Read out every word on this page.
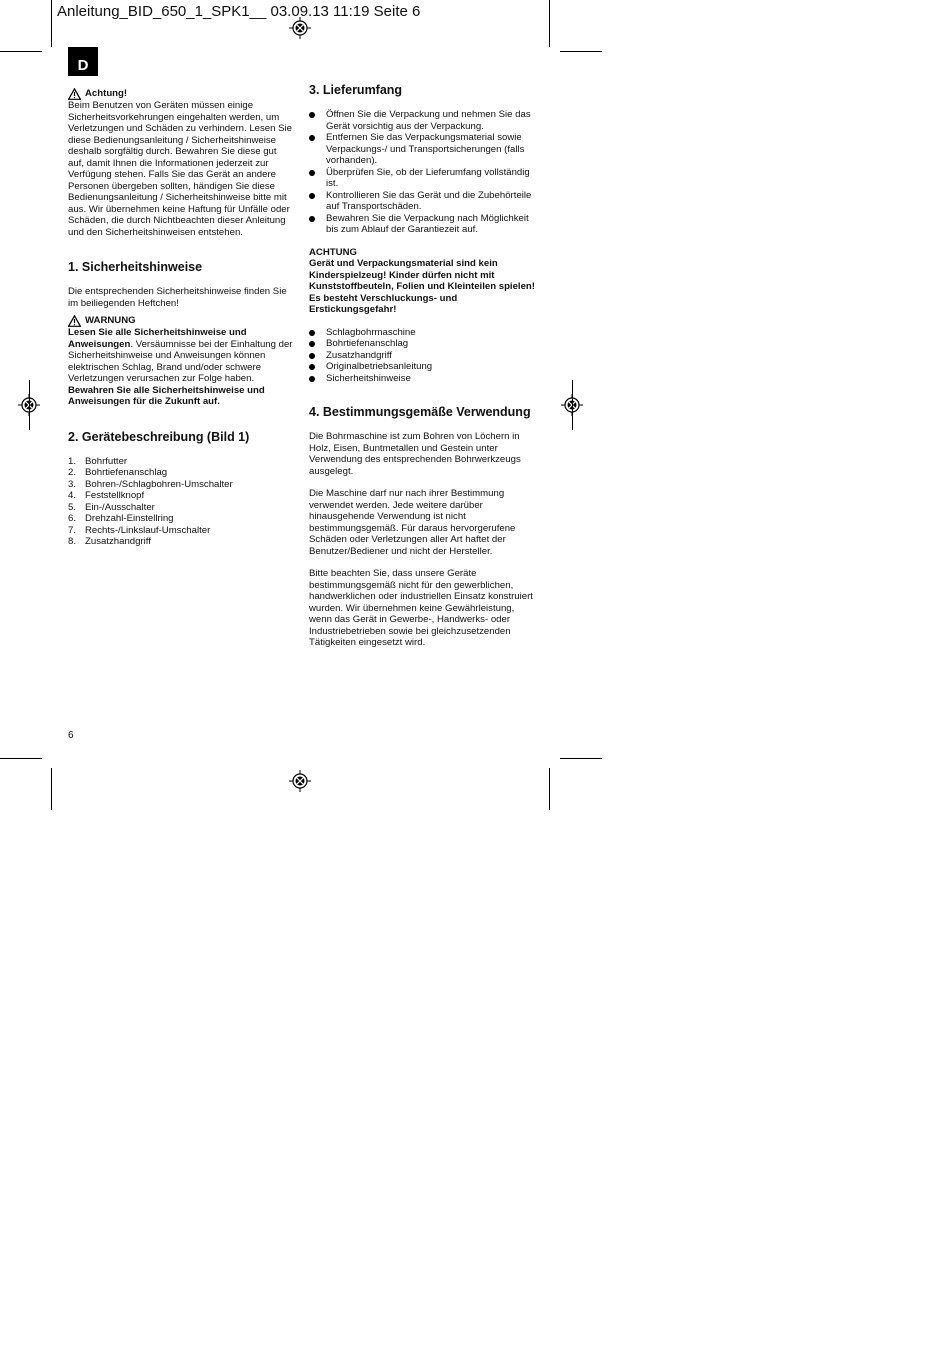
Anleitung_BID_650_1_SPK1__ 03.09.13 11:19 Seite 6
D
Achtung!

Beim Benutzen von Geräten müssen einige Sicherheitsvorkehrungen eingehalten werden, um Verletzungen und Schäden zu verhindern. Lesen Sie diese Bedienungsanleitung / Sicherheitshinweise deshalb sorgfältig durch. Bewahren Sie diese gut auf, damit Ihnen die Informationen jederzeit zur Verfügung stehen. Falls Sie das Gerät an andere Personen übergeben sollten, händigen Sie diese Bedienungsanleitung / Sicherheitshinweise bitte mit aus. Wir übernehmen keine Haftung für Unfälle oder Schäden, die durch Nichtbeachten dieser Anleitung und den Sicherheitshinweisen entstehen.

1. Sicherheitshinweise

Die entsprechenden Sicherheitshinweise finden Sie im beiliegenden Heftchen!

WARNUNG

Lesen Sie alle Sicherheitshinweise und Anweisungen. Versäumnisse bei der Einhaltung der Sicherheitshinweise und Anweisungen können elektrischen Schlag, Brand und/oder schwere Verletzungen verursachen zur Folge haben.

Bewahren Sie alle Sicherheitshinweise und Anweisungen für die Zukunft auf.

2. Gerätebeschreibung (Bild 1)
1. Bohrfutter
2. Bohrtiefenanschlag
3. Bohren-/Schlagbohren-Umschalter
4. Feststellknopf
5. Ein-/Ausschalter
6. Drehzahl-Einstellring
7. Rechts-/Linkslauf-Umschalter
8. Zusatzhandgriff
3. Lieferumfang
Öffnen Sie die Verpackung und nehmen Sie das Gerät vorsichtig aus der Verpackung.
Entfernen Sie das Verpackungsmaterial sowie Verpackungs-/ und Transportsicherungen (falls vorhanden).
Überprüfen Sie, ob der Lieferumfang vollständig ist.
Kontrollieren Sie das Gerät und die Zubehörteile auf Transportschäden.
Bewahren Sie die Verpackung nach Möglichkeit bis zum Ablauf der Garantiezeit auf.

ACHTUNG

Gerät und Verpackungsmaterial sind kein Kinderspielzeug! Kinder dürfen nicht mit Kunststoffbeuteln, Folien und Kleinteilen spielen! Es besteht Verschluckungs- und Erstickungsgefahr!

Schlagbohrmaschine
Bohrtiefenanschlag
Zusatzhandgriff
Originalbetriebsanleitung
Sicherheitshinweise
4. Bestimmungsgemäße Verwendung

Die Bohrmaschine ist zum Bohren von Löchern in Holz, Eisen, Buntmetallen und Gestein unter Verwendung des entsprechenden Bohrwerkzeugs ausgelegt.

Die Maschine darf nur nach ihrer Bestimmung verwendet werden. Jede weitere darüber hinausgehende Verwendung ist nicht bestimmungsgemäß. Für daraus hervorgerufene Schäden oder Verletzungen aller Art haftet der Benutzer/Bediener und nicht der Hersteller.

Bitte beachten Sie, dass unsere Geräte bestimmungsgemäß nicht für den gewerblichen, handwerklichen oder industriellen Einsatz konstruiert wurden. Wir übernehmen keine Gewährleistung, wenn das Gerät in Gewerbe-, Handwerks- oder Industriebetrieben sowie bei gleichzusetzenden Tätigkeiten eingesetzt wird.

6
